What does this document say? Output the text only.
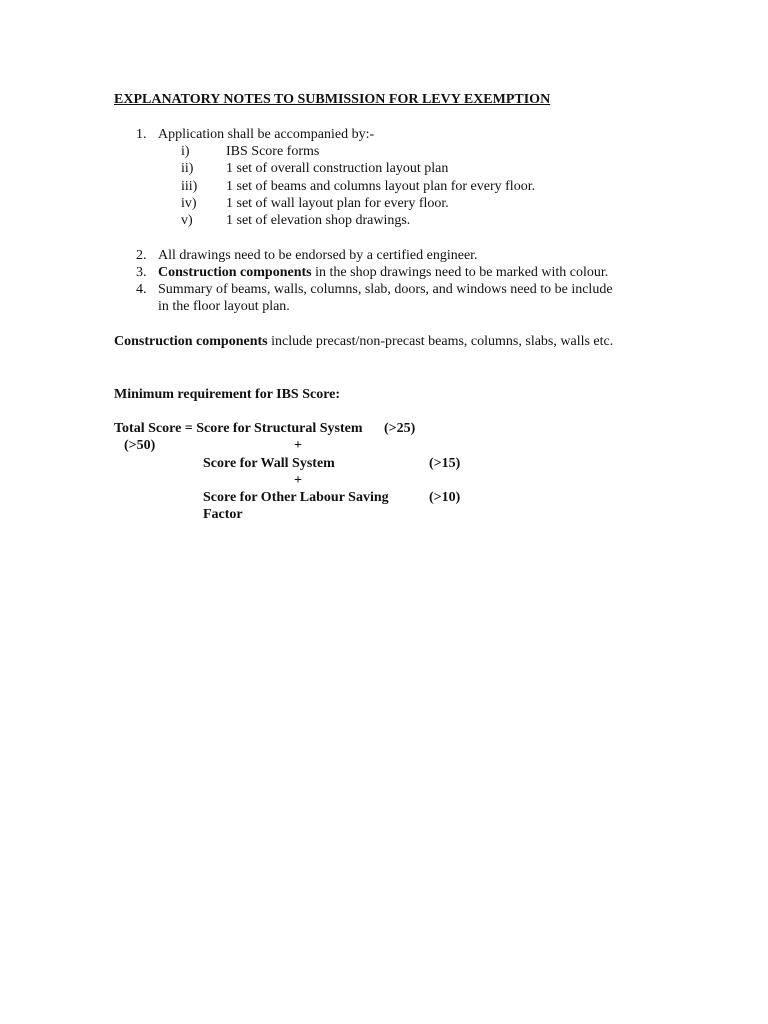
EXPLANATORY NOTES TO SUBMISSION FOR LEVY EXEMPTION
1. Application shall be accompanied by:-
i)	IBS Score forms
ii) 1 set of overall construction layout plan
iii) 1 set of beams and columns layout plan for every floor.
iv) 1 set of wall layout plan for every floor.
v) 1 set of elevation shop drawings.
2. All drawings need to be endorsed by a certified engineer.
3. Construction components in the shop drawings need to be marked with colour.
4. Summary of beams, walls, columns, slab, doors, and windows need to be include
in the floor layout plan.
Construction components include precast/non-precast beams, columns, slabs, walls etc.
Minimum requirement for IBS Score:
Total Score = Score for Structural System (>25)
(>50)	+
Score for Wall System	(>15)
+
Score for Other Labour Saving	(>10)
Factor
